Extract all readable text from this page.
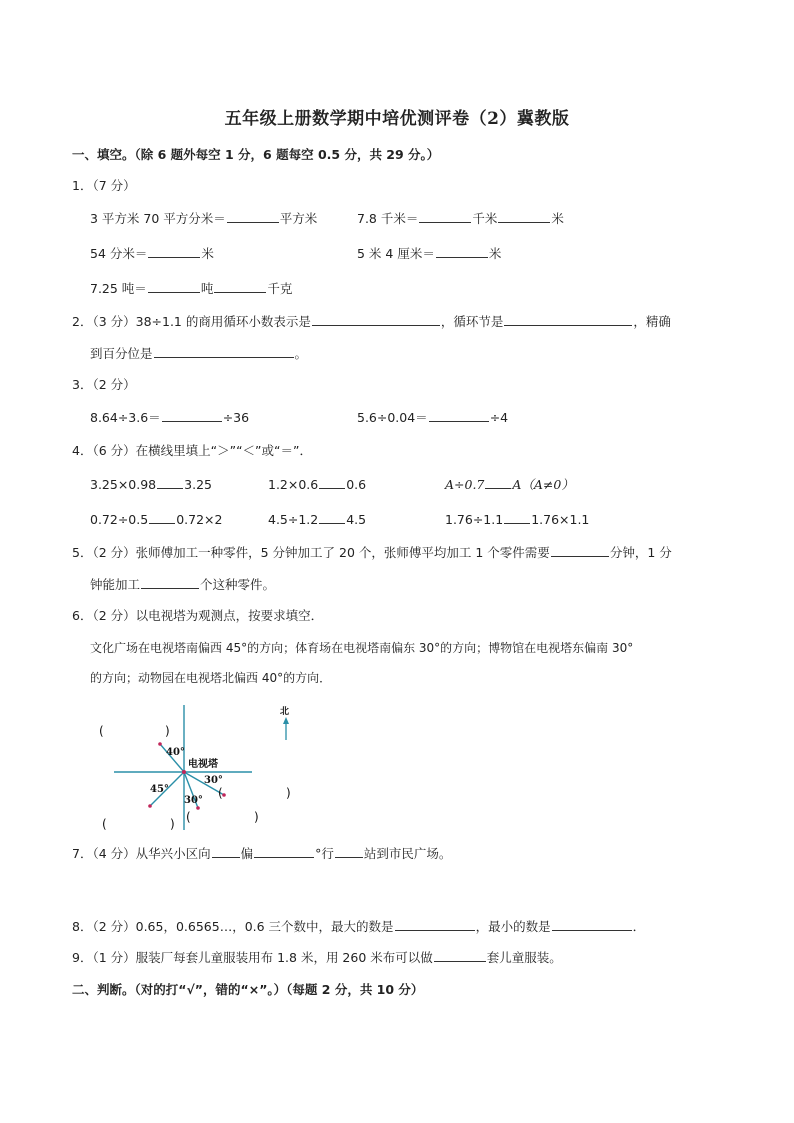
五年级上册数学期中培优测评卷（2）冀教版
一、填空。（除 6 题外每空 1 分，6 题每空 0.5 分，共 29 分。）
1．（7 分）
3 平方米 70 平方分米＝	平方米	7.8 千米＝	千米	米
54 分米＝	米	5 米 4 厘米＝	米
7.25 吨＝	吨	千克
2．（3 分）38÷1.1 的商用循环小数表示是	，循环节是	，精确
到百分位是	。
3．（2 分）
8.64÷3.6＝	÷36	5.6÷0.04＝	÷4
4．（6 分）在横线里填上“＞”“＜”或“＝”．
3.25×0.98 3.25	1.2×0.6 0.6	A÷0.7 A（A≠0）
0.72÷0.5 0.72×2	4.5÷1.2 4.5	1.76÷1.1 1.76×1.1
5．（2 分）张师傅加工一种零件，5 分钟加工了 20 个，张师傅平均加工 1 个零件需要	分钟，1 分
钟能加工	个这种零件。
6．（2 分）以电视塔为观测点，按要求填空．
文化广场在电视塔南偏西 45°的方向；体育场在电视塔南偏东 30°的方向；博物馆在电视塔东偏南 30°
的方向；动物园在电视塔北偏西 40°的方向．
40°
30°
45°
30°
电视塔
(	)
(	)
(	)
(	)
北
7．（4 分）从华兴小区向 偏	°行 站到市民广场。
8．（2 分）0.65，0.6565…，0.6 三个数中，最大的数是	，最小的数是	．
9．（1 分）服装厂每套儿童服装用布 1.8 米，用 260 米布可以做	套儿童服装。
二、判断。（对的打“√”，错的“×”。）（每题 2 分，共 10 分）
